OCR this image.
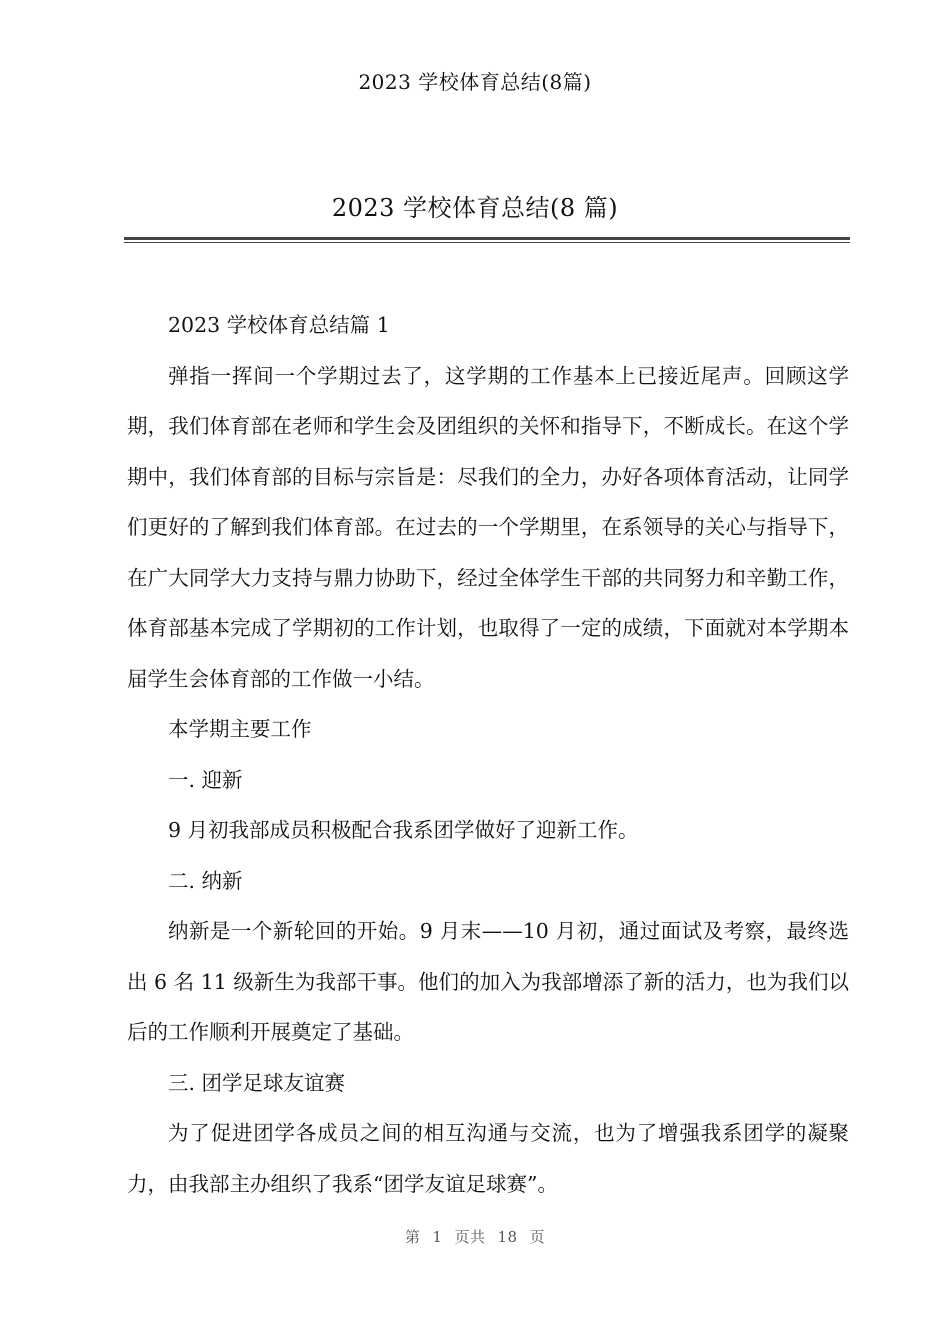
2023 学校体育总结(8篇)
2023 学校体育总结(8 篇)

2023 学校体育总结篇 1

弹指一挥间一个学期过去了，这学期的工作基本上已接近尾声。回顾这学期，我们体育部在老师和学生会及团组织的关怀和指导下，不断成长。在这个学期中，我们体育部的目标与宗旨是：尽我们的全力，办好各项体育活动，让同学们更好的了解到我们体育部。在过去的一个学期里，在系领导的关心与指导下，在广大同学大力支持与鼎力协助下，经过全体学生干部的共同努力和辛勤工作，体育部基本完成了学期初的工作计划，也取得了一定的成绩，下面就对本学期本届学生会体育部的工作做一小结。

本学期主要工作

一. 迎新

9 月初我部成员积极配合我系团学做好了迎新工作。

二. 纳新

纳新是一个新轮回的开始。9 月末——10 月初，通过面试及考察，最终选出 6 名 11 级新生为我部干事。他们的加入为我部增添了新的活力，也为我们以后的工作顺利开展奠定了基础。

三. 团学足球友谊赛

为了促进团学各成员之间的相互沟通与交流，也为了增强我系团学的凝聚力，由我部主办组织了我系“团学友谊足球赛”。

第 1 页共 18 页
